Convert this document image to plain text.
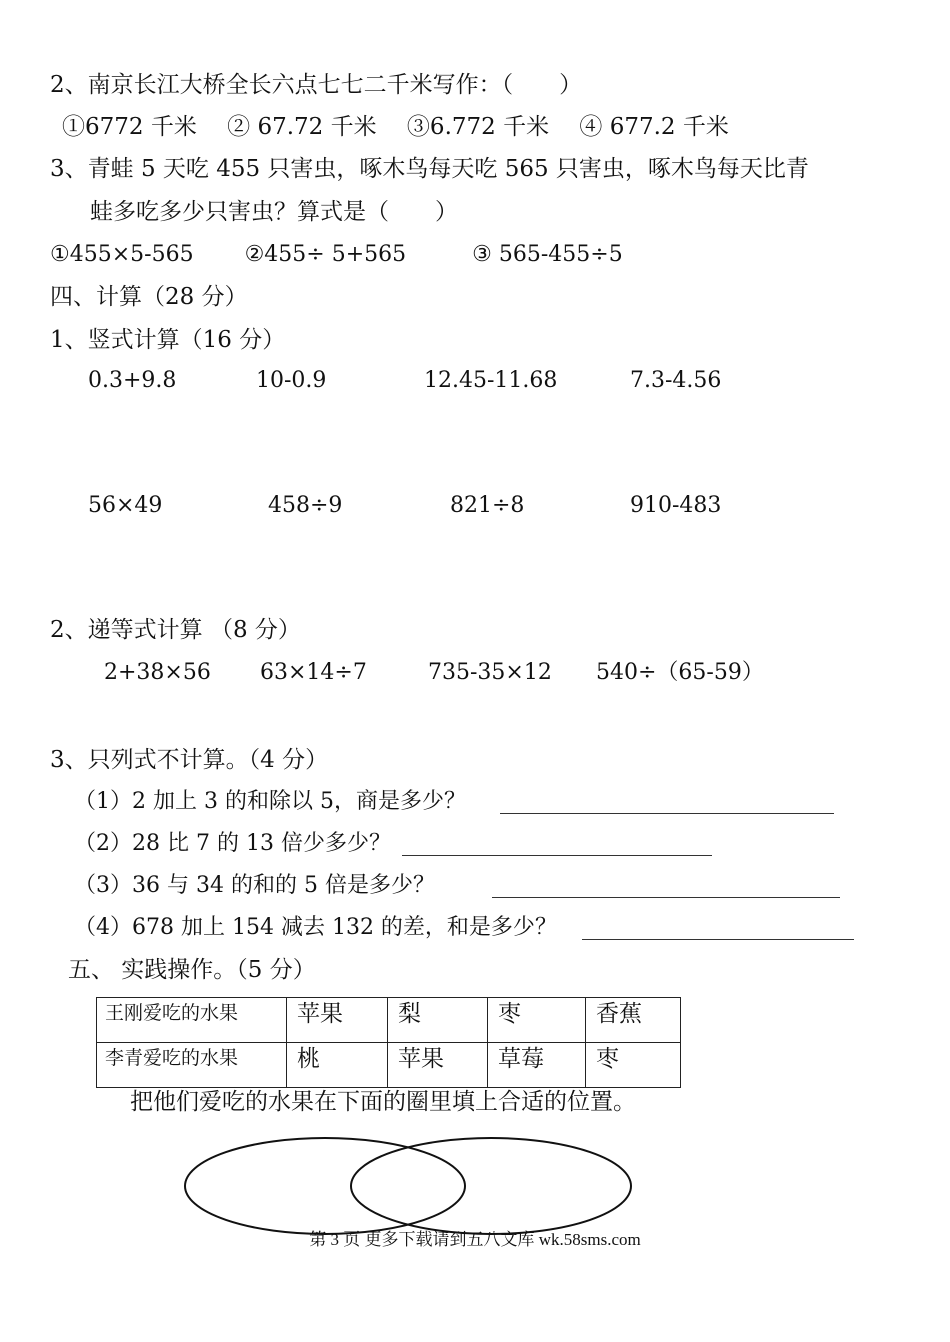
2、南京长江大桥全长六点七七二千米写作：（　　）
①6772 千米　 ② 67.72 千米　 ③6.772 千米　 ④ 677.2 千米
3、青蛙 5 天吃 455 只害虫，啄木鸟每天吃 565 只害虫，啄木鸟每天比青
蛙多吃多少只害虫？算式是（　　）
①455×5-565　　 ②455÷ 5+565　　　③ 565-455÷5
四、计算（28 分）
1、竖式计算（16 分）
0.3+9.8	10-0.9	12.45-11.68	7.3-4.56
56×49	458÷9	821÷8	910-483
2、递等式计算 （8 分）
2+38×56 63×14÷7	735-35×12 540÷（65-59）
3、只列式不计算。（4 分）
（1）2 加上 3 的和除以 5，商是多少？
（2）28 比 7 的 13 倍少多少？
（3）36 与 34 的和的 5 倍是多少？
（4）678 加上 154 减去 132 的差，和是多少？
五、 实践操作。（5 分）
王刚爱吃的水果	苹果	梨	枣	香蕉
李青爱吃的水果	桃	苹果	草莓	枣
把他们爱吃的水果在下面的圈里填上合适的位置。
第 3 页 更多下载请到五八文库 wk.58sms.com
